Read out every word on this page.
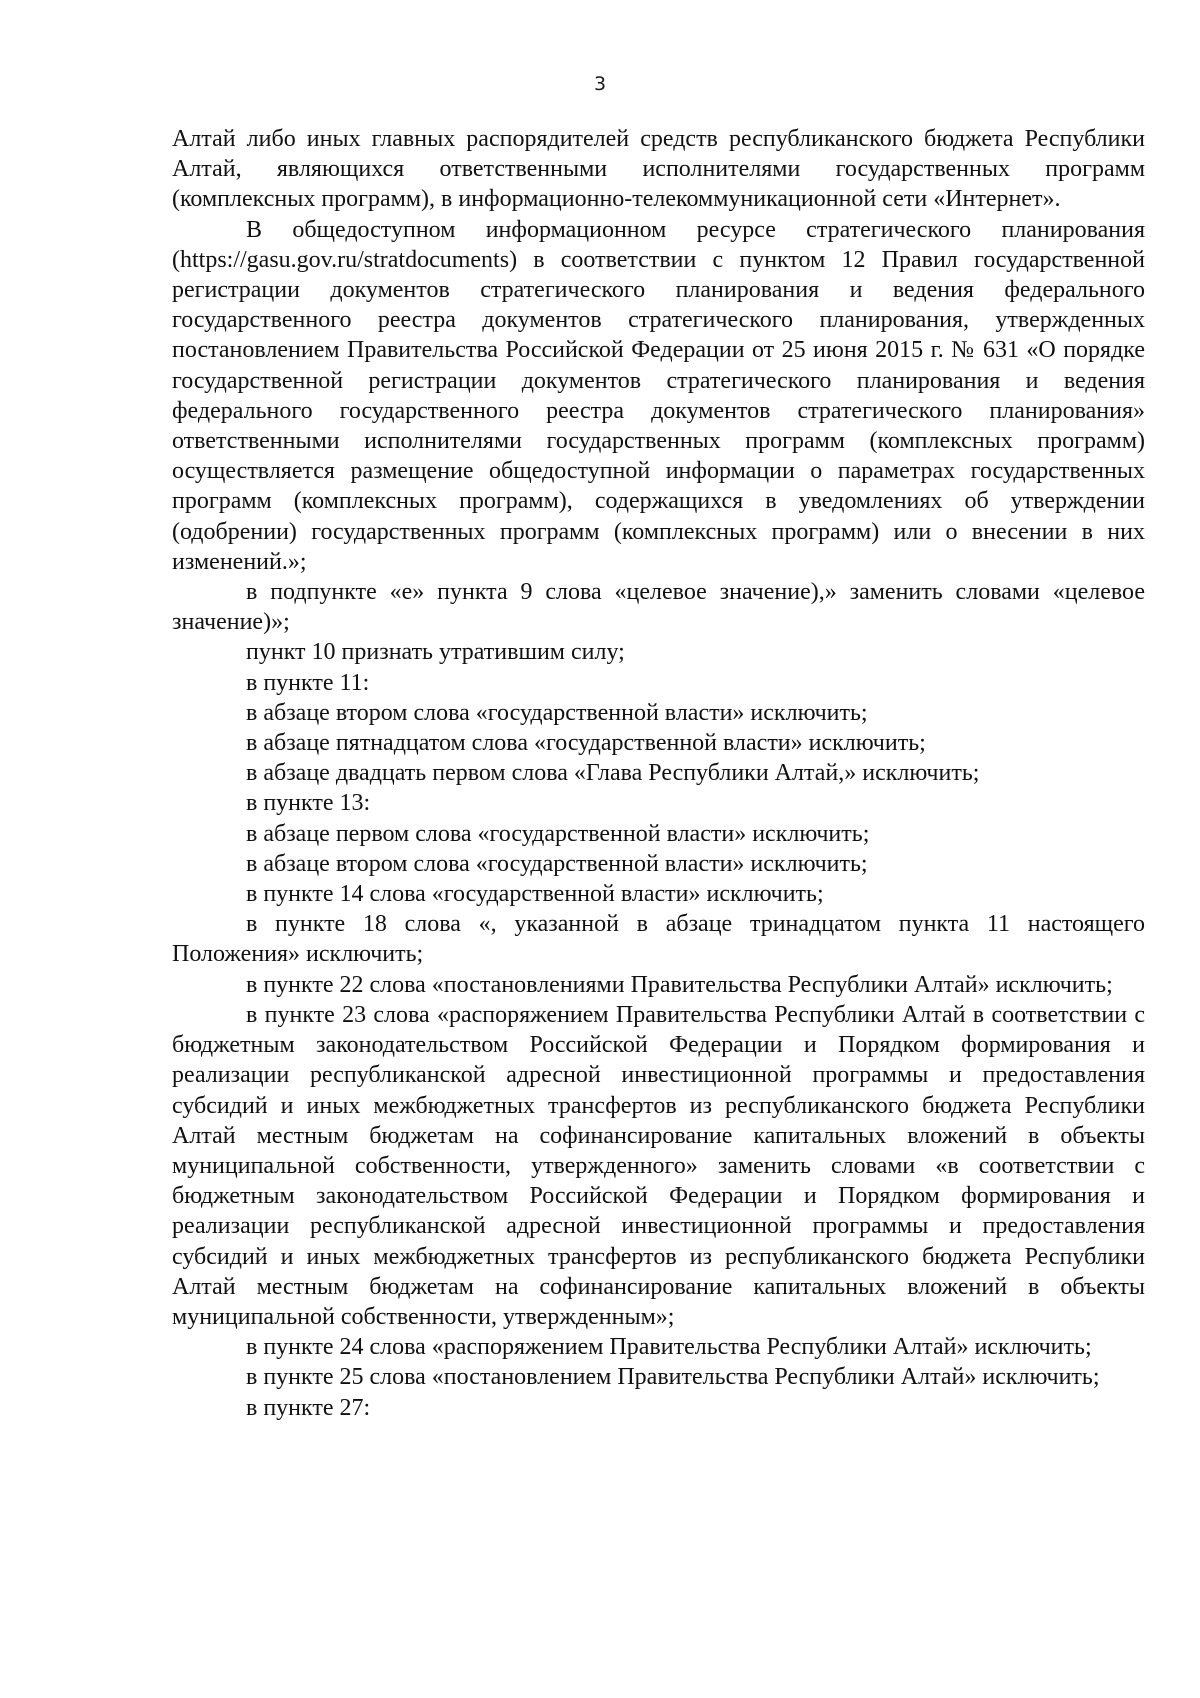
3

Алтай либо иных главных распорядителей средств республиканского бюджета Республики Алтай, являющихся ответственными исполнителями государственных программ (комплексных программ), в информационно-телекоммуникационной сети «Интернет».

В общедоступном информационном ресурсе стратегического планирования (https://gasu.gov.ru/stratdocuments) в соответствии с пунктом 12 Правил государственной регистрации документов стратегического планирования и ведения федерального государственного реестра документов стратегического планирования, утвержденных постановлением Правительства Российской Федерации от 25 июня 2015 г. № 631 «О порядке государственной регистрации документов стратегического планирования и ведения федерального государственного реестра документов стратегического планирования» ответственными исполнителями государственных программ (комплексных программ) осуществляется размещение общедоступной информации о параметрах государственных программ (комплексных программ), содержащихся в уведомлениях об утверждении (одобрении) государственных программ (комплексных программ) или о внесении в них изменений.»;

в подпункте «е» пункта 9 слова «целевое значение),» заменить словами «целевое значение)»;

пункт 10 признать утратившим силу;

в пункте 11:

в абзаце втором слова «государственной власти» исключить;

в абзаце пятнадцатом слова «государственной власти» исключить;

в абзаце двадцать первом слова «Глава Республики Алтай,» исключить;

в пункте 13:

в абзаце первом слова «государственной власти» исключить;

в абзаце втором слова «государственной власти» исключить;

в пункте 14 слова «государственной власти» исключить;

в пункте 18 слова «, указанной в абзаце тринадцатом пункта 11 настоящего Положения» исключить;

в пункте 22 слова «постановлениями Правительства Республики Алтай» исключить;

в пункте 23 слова «распоряжением Правительства Республики Алтай в соответствии с бюджетным законодательством Российской Федерации и Порядком формирования и реализации республиканской адресной инвестиционной программы и предоставления субсидий и иных межбюджетных трансфертов из республиканского бюджета Республики Алтай местным бюджетам на софинансирование капитальных вложений в объекты муниципальной собственности, утвержденного» заменить словами «в соответствии с бюджетным законодательством Российской Федерации и Порядком формирования и реализации республиканской адресной инвестиционной программы и предоставления субсидий и иных межбюджетных трансфертов из республиканского бюджета Республики Алтай местным бюджетам на софинансирование капитальных вложений в объекты муниципальной собственности, утвержденным»;

в пункте 24 слова «распоряжением Правительства Республики Алтай» исключить;

в пункте 25 слова «постановлением Правительства Республики Алтай» исключить;

в пункте 27:
